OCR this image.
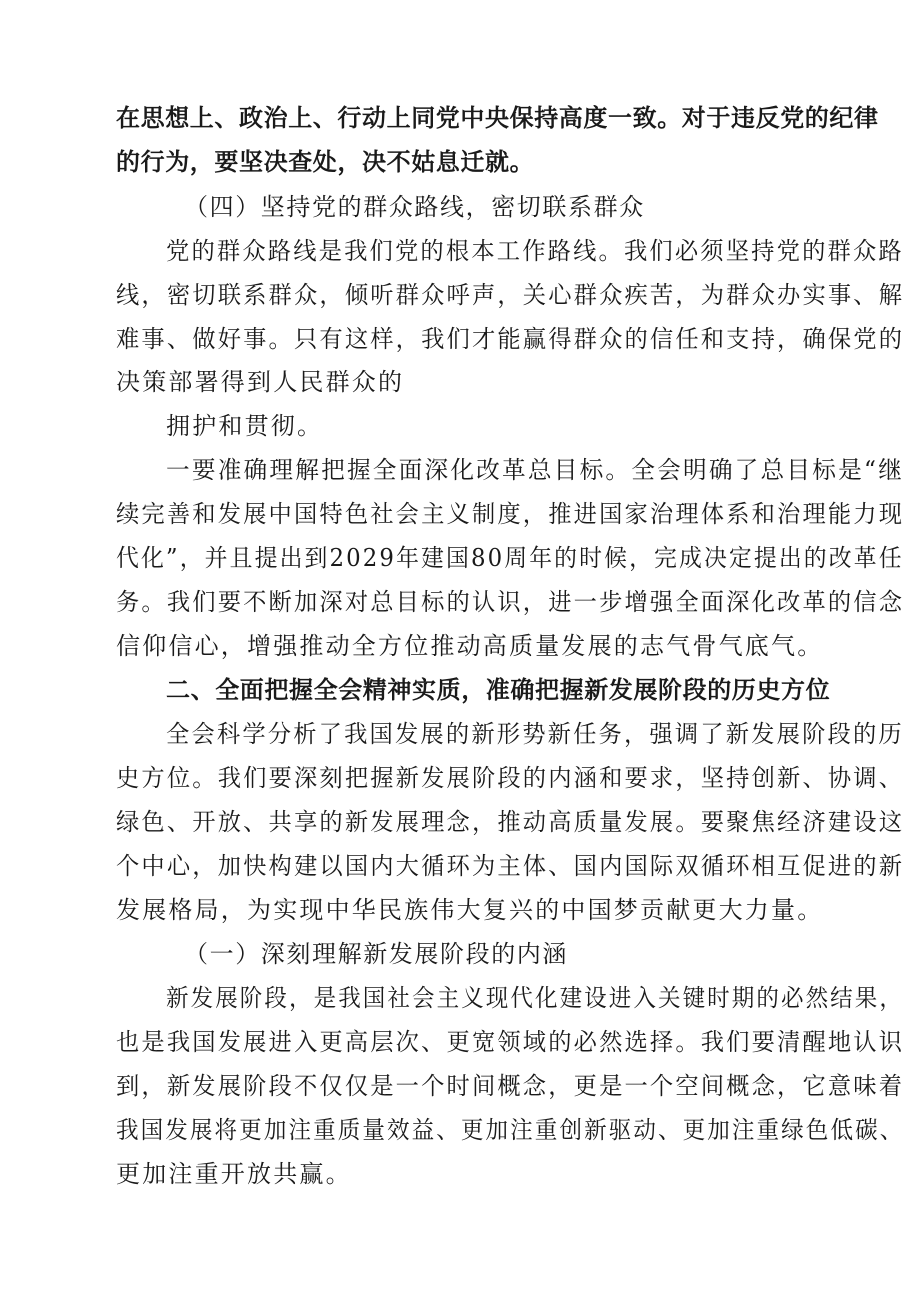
在思想上、政治上、行动上同党中央保持高度一致。对于违反党的纪律
的行为，要坚决查处，决不姑息迁就。
（四）坚持党的群众路线，密切联系群众
党的群众路线是我们党的根本工作路线。我们必须坚持党的群众路
线，密切联系群众，倾听群众呼声，关心群众疾苦，为群众办实事、解
难事、做好事。只有这样，我们才能赢得群众的信任和支持，确保党的
决策部署得到人民群众的
拥护和贯彻。
一要准确理解把握全面深化改革总目标。全会明确了总目标是“继
续完善和发展中国特色社会主义制度，推进国家治理体系和治理能力现
代化”，并且提出到2029年建国80周年的时候，完成决定提出的改革任
务。我们要不断加深对总目标的认识，进一步增强全面深化改革的信念
信仰信心，增强推动全方位推动高质量发展的志气骨气底气。
二、全面把握全会精神实质，准确把握新发展阶段的历史方位
全会科学分析了我国发展的新形势新任务，强调了新发展阶段的历
史方位。我们要深刻把握新发展阶段的内涵和要求，坚持创新、协调、
绿色、开放、共享的新发展理念，推动高质量发展。要聚焦经济建设这
个中心，加快构建以国内大循环为主体、国内国际双循环相互促进的新
发展格局，为实现中华民族伟大复兴的中国梦贡献更大力量。
（一）深刻理解新发展阶段的内涵
新发展阶段，是我国社会主义现代化建设进入关键时期的必然结果，
也是我国发展进入更高层次、更宽领域的必然选择。我们要清醒地认识
到，新发展阶段不仅仅是一个时间概念，更是一个空间概念，它意味着
我国发展将更加注重质量效益、更加注重创新驱动、更加注重绿色低碳、
更加注重开放共赢。
